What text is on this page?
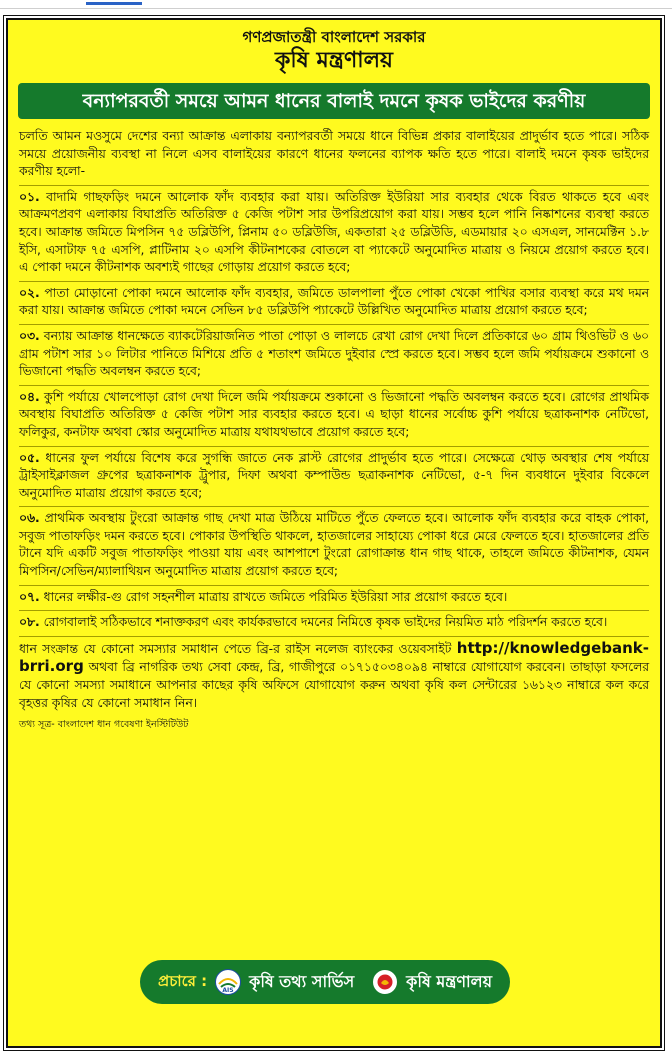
গণপ্রজাতন্ত্রী বাংলাদেশ সরকার
কৃষি মন্ত্রণালয়
বন্যাপরবর্তী সময়ে আমন ধানের বালাই দমনে কৃষক ভাইদের করণীয়

চলতি আমন মওসুমে দেশের বন্যা আক্রান্ত এলাকায় বন্যাপরবর্তী সময়ে ধানে বিভিন্ন প্রকার বালাইয়ের প্রাদুর্ভাব হতে পারে। সঠিক সময়ে প্রয়োজনীয় ব্যবস্থা না নিলে এসব বালাইয়ের কারণে ধানের ফলনের ব্যাপক ক্ষতি হতে পারে। বালাই দমনে কৃষক ভাইদের করণীয় হলো-

০১. বাদামি গাছফড়িং দমনে আলোক ফাঁদ ব্যবহার করা যায়। অতিরিক্ত ইউরিয়া সার ব্যবহার থেকে বিরত থাকতে হবে এবং আক্রমণপ্রবণ এলাকায় বিঘাপ্রতি অতিরিক্ত ৫ কেজি পটাশ সার উপরিপ্রয়োগ করা যায়। সম্ভব হলে পানি নিষ্কাশনের ব্যবস্থা করতে হবে। আক্রান্ত জমিতে মিপসিন ৭৫ ডব্লিউপি, প্লিনাম ৫০ ডব্লিউজি, একতারা ২৫ ডব্লিউডি, এডমায়ার ২০ এসএল, সানমেক্টিন ১.৮ ইসি, এসাটাফ ৭৫ এসপি, প্লাটিনাম ২০ এসপি কীটনাশকের বোতলে বা প্যাকেটে অনুমোদিত মাত্রায় ও নিয়মে প্রয়োগ করতে হবে। এ পোকা দমনে কীটনাশক অবশ্যই গাছের গোড়ায় প্রয়োগ করতে হবে;

০২. পাতা মোড়ানো পোকা দমনে আলোক ফাঁদ ব্যবহার, জমিতে ডালপালা পুঁতে পোকা খেকো পাখির বসার ব্যবস্থা করে মথ দমন করা যায়। আক্রান্ত জমিতে পোকা দমনে সেভিন ৮৫ ডব্লিউপি প্যাকেটে উল্লিখিত অনুমোদিত মাত্রায় প্রয়োগ করতে হবে;

০৩. বন্যায় আক্রান্ত ধানক্ষেতে ব্যাকটেরিয়াজনিত পাতা পোড়া ও লালচে রেখা রোগ দেখা দিলে প্রতিকারে ৬০ গ্রাম থিওভিট ও ৬০ গ্রাম পটাশ সার ১০ লিটার পানিতে মিশিয়ে প্রতি ৫ শতাংশ জমিতে দুইবার স্প্রে করতে হবে। সম্ভব হলে জমি পর্যায়ক্রমে শুকানো ও ভিজানো পদ্ধতি অবলম্বন করতে হবে;

০৪. কুশি পর্যায়ে খোলপোড়া রোগ দেখা দিলে জমি পর্যায়ক্রমে শুকানো ও ভিজানো পদ্ধতি অবলম্বন করতে হবে। রোগের প্রাথমিক অবস্থায় বিঘাপ্রতি অতিরিক্ত ৫ কেজি পটাশ সার ব্যবহার করতে হবে। এ ছাড়া ধানের সর্বোচ্চ কুশি পর্যায়ে ছত্রাকনাশক নেটিভো, ফলিকুর, কনটাফ অথবা স্কোর অনুমোদিত মাত্রায় যথাযথভাবে প্রয়োগ করতে হবে;

০৫. ধানের ফুল পর্যায়ে বিশেষ করে সুগন্ধি জাতে নেক ব্লাস্ট রোগের প্রাদুর্ভাব হতে পারে। সেক্ষেত্রে থোড় অবস্থার শেষ পর্যায়ে ট্রাইসাইক্লাজল গ্রুপের ছত্রাকনাশক ট্রুপার, দিফা অথবা কম্পাউন্ড ছত্রাকনাশক নেটিভো, ৫-৭ দিন ব্যবধানে দুইবার বিকেলে অনুমোদিত মাত্রায় প্রয়োগ করতে হবে;

০৬. প্রাথমিক অবস্থায় টুংরো আক্রান্ত গাছ দেখা মাত্র উঠিয়ে মাটিতে পুঁতে ফেলতে হবে। আলোক ফাঁদ ব্যবহার করে বাহক পোকা, সবুজ পাতাফড়িং দমন করতে হবে। পোকার উপস্থিতি থাকলে, হাতজালের সাহায্যে পোকা ধরে মেরে ফেলতে হবে। হাতজালের প্রতি টানে যদি একটি সবুজ পাতাফড়িং পাওয়া যায় এবং আশপাশে টুংরো রোগাক্রান্ত ধান গাছ থাকে, তাহলে জমিতে কীটনাশক, যেমন মিপসিন/সেভিন/ম্যালাথিয়ন অনুমোদিত মাত্রায় প্রয়োগ করতে হবে;

০৭. ধানের লক্ষীর-গু রোগ সহনশীল মাত্রায় রাখতে জমিতে পরিমিত ইউরিয়া সার প্রয়োগ করতে হবে।

০৮. রোগবালাই সঠিকভাবে শনাক্তকরণ এবং কার্যকরভাবে দমনের নিমিত্তে কৃষক ভাইদের নিয়মিত মাঠ পরিদর্শন করতে হবে।

ধান সংক্রান্ত যে কোনো সমস্যার সমাধান পেতে ব্রি-র রাইস নলেজ ব্যাংকের ওয়েবসাইট http://knowledgebank-brri.org অথবা ব্রি নাগরিক তথ্য সেবা কেন্দ্র, ব্রি, গাজীপুরে ০১৭১৫০৩৪০৯৪ নাম্বারে যোগাযোগ করবেন। তাছাড়া ফসলের যে কোনো সমস্যা সমাধানে আপনার কাছের কৃষি অফিসে যোগাযোগ করুন অথবা কৃষি কল সেন্টারের ১৬১২৩ নাম্বারে কল করে বৃহত্তর কৃষির যে কোনো সমাধান নিন।

তথ্য সূত্র- বাংলাদেশ ধান গবেষণা ইনস্টিটিউট
প্রচারে :
AIS কৃষি তথ্য সার্ভিস	কৃষি মন্ত্রণালয়
